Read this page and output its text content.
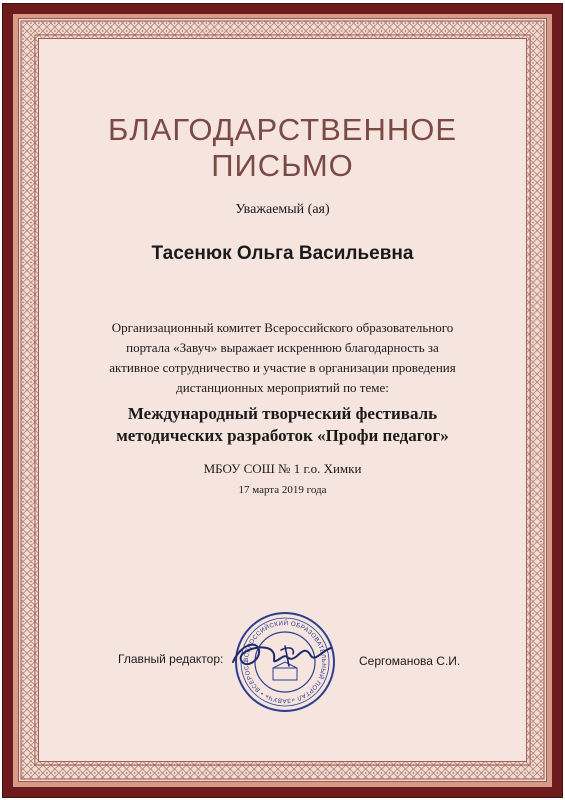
БЛАГОДАРСТВЕННОЕ
ПИСЬМО
Уважаемый (ая)
Тасенюк Ольга Васильевна
Организационный комитет Всероссийского образовательного
портала «Завуч» выражает искреннюю благодарность за
активное сотрудничество и участие в организации проведения
дистанционных мероприятий по теме:
Международный творческий фестиваль
методических разработок «Профи педагог»
МБОУ СОШ № 1 г.о. Химки
17 марта 2019 года
Главный редактор:	ВСЕРОССИЙСКИЙ ОБРАЗОВАТЕЛЬНЫЙ ПОРТАЛ «ЗАВУЧ» • ВСЕРОСС	Сергоманова С.И.
